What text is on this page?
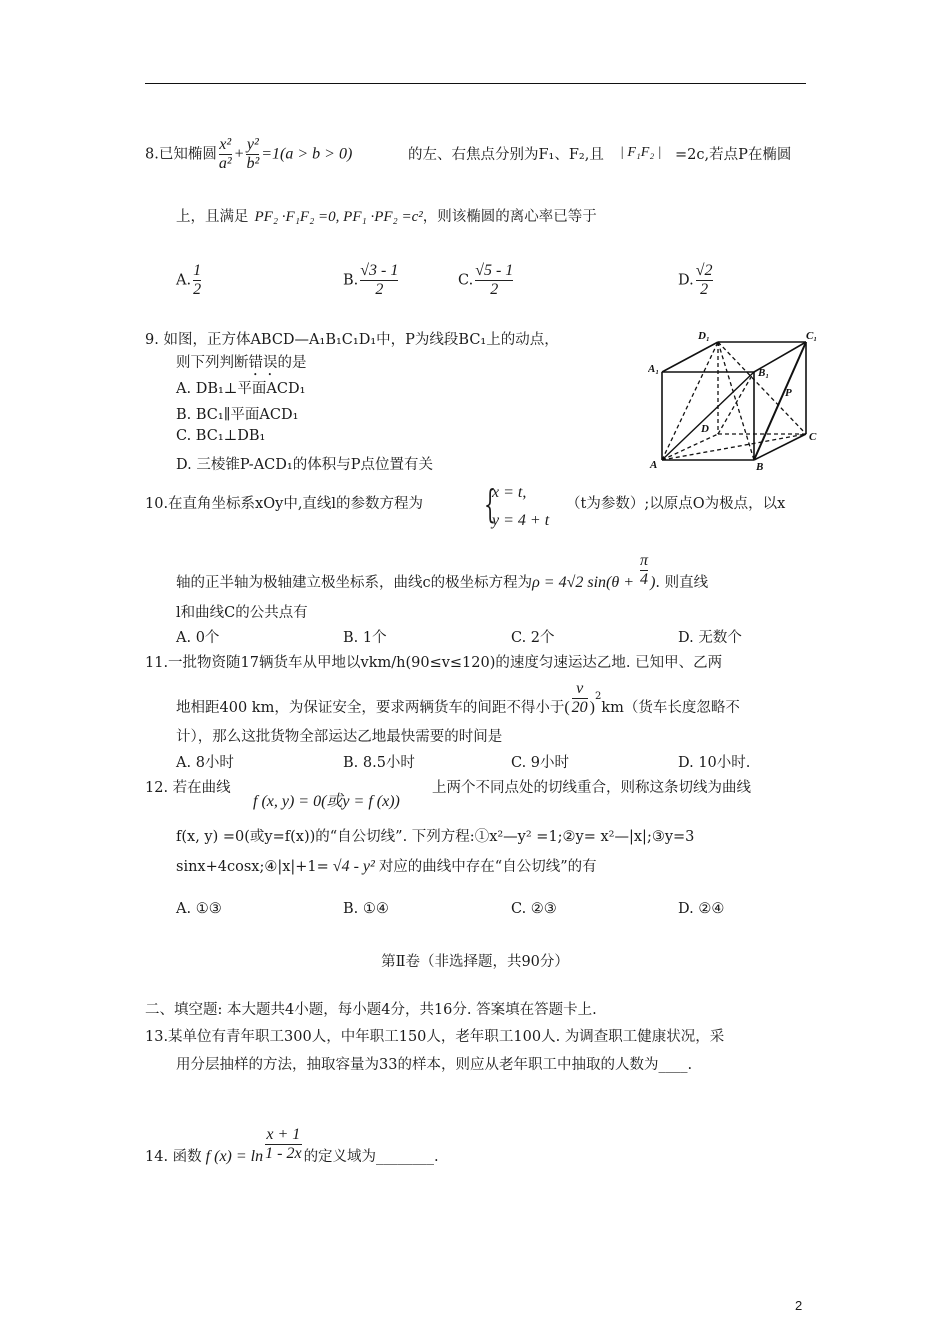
8.已知椭圆 $\frac{\text{x²}}{\text{a²}} + \frac{\text{y²}}{\text{b²}} =1(a > b > 0)$	的左、右焦点分别为F₁、F₂,且 | F₁F₂ | =2c,若点P在椭圆
上，且满足 PF₂ ·F₁F₂ =0, PF₁ ·PF₂ =c²，则该椭圆的离心率已等于
A. $\frac{1}{2}$	B. $\frac{√3 - 1}{2}$	C. $\frac{√5 - 1}{2}$	D. $\frac{√2}{2}$
9. 如图，正方体ABCD—A₁B₁C₁D₁中，P为线段BC₁上的动点，
则下列判断错误的是
A. DB₁⊥平面ACD₁
B. BC₁∥平面ACD₁
C. BC₁⊥DB₁
D. 三棱锥P-ACD₁的体积与P点位置有关
D₁	C₁
A₁	B₁
P
D
C
A	B
10.在直角坐标系xOy中,直线l的参数方程为 {
x = t,
y = 4 + t
（t为参数）;以原点O为极点，以x
轴的正半轴为极轴建立极坐标系，曲线c的极坐标方程为ρ = 4√2 $\sin(\theta + \frac{\pi}{4}$ ). 则直线
l和曲线C的公共点有
A. 0个	B. 1个	C. 2个	D. 无数个
11.一批物资随17辆货车从甲地以vkm/h(90≤v≤120)的速度匀速运达乙地. 已知甲、乙两
地相距400 km，为保证安全，要求两辆货车的间距不得小于( $\frac{v}{20} )^2km$（货车长度忽略不
计），那么这批货物全部运达乙地最快需要的时间是
A. 8小时	B. 8.5小时	C. 9小时	D. 10小时.
12. 若在曲线
f (x, y) = 0(或y = f (x))
上两个不同点处的切线重合，则称这条切线为曲线
f(x, y) =0(或y=f(x))的“自公切线”. 下列方程:①x²—y² =1;②y= x²—|x|;③y=3
sinx+4cosx;④|x|+1= √4 - y² 对应的曲线中存在“自公切线”的有
A. ①③	B. ①④	C. ②③	D. ②④
第Ⅱ卷（非选择题，共90分）
二、填空题: 本大题共4小题，每小题4分，共16分. 答案填在答题卡上.
13.某单位有青年职工300人，中年职工150人，老年职工100人. 为调查职工健康状况，采
用分层抽样的方法，抽取容量为33的样本，则应从老年职工中抽取的人数为____.
14. 函数 f $(x) = \ln \frac{x + 1}{1 - 2x}$ 的定义域为________.
2
